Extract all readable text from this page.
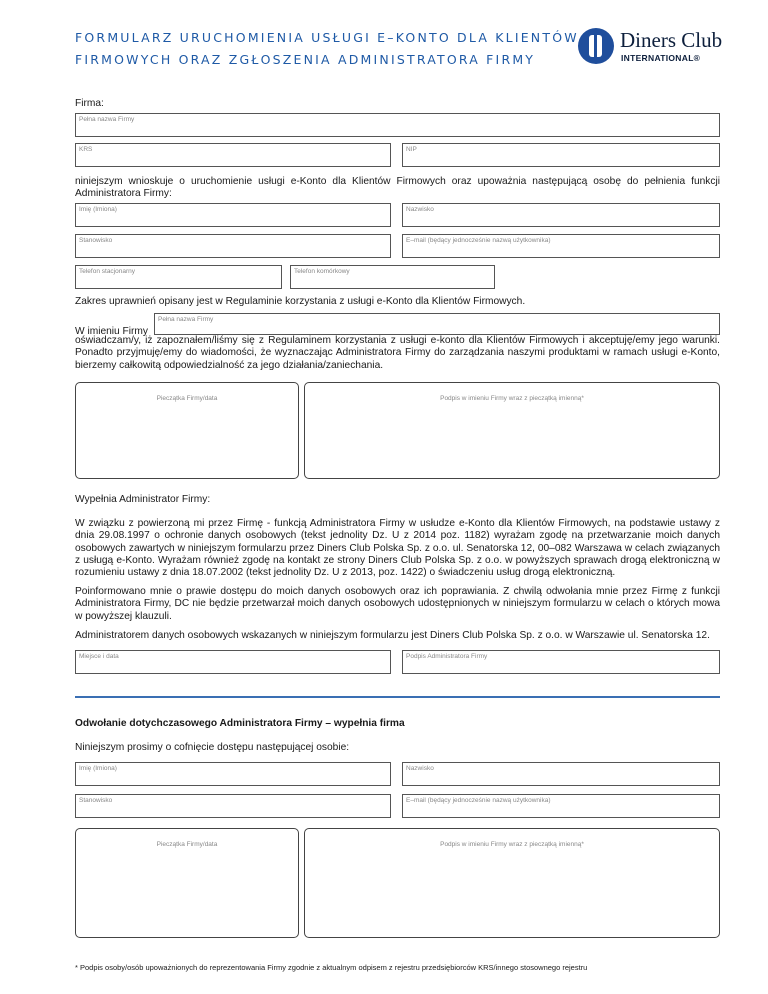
FORMULARZ URUCHOMIENIA USŁUGI E–KONTO DLA KLIENTÓW
FIRMOWYCH ORAZ ZGŁOSZENIA ADMINISTRATORA FIRMY
Diners Club
INTERNATIONAL®
Firma:
Pełna nazwa Firmy
KRS	NIP
niniejszym wnioskuje o uruchomienie usługi e-Konto dla Klientów Firmowych oraz upoważnia następującą osobę do pełnienia funkcji Administratora Firmy:
Imię (Imiona)	Nazwisko
Stanowisko	E–mail (będący jednocześnie nazwą użytkownika)
Telefon stacjonarny	Telefon komórkowy
Zakres uprawnień opisany jest w Regulaminie korzystania z usługi e-Konto dla Klientów Firmowych.
W imieniu Firmy
Pełna nazwa Firmy
oświadczam/y, iż zapoznałem/liśmy się z Regulaminem korzystania z usługi e-konto dla Klientów Firmowych i akceptuję/emy jego warunki. Ponadto przyjmuję/emy do wiadomości, że wyznaczając Administratora Firmy do zarządzania naszymi produktami w ramach usługi e-Konto, bierzemy całkowitą odpowiedzialność za jego działania/zaniechania.
Pieczątka Firmy/data	Podpis w imieniu Firmy wraz z pieczątką imienną*
Wypełnia Administrator Firmy:
W związku z powierzoną mi przez Firmę - funkcją Administratora Firmy w usłudze e-Konto dla Klientów Firmowych, na podstawie ustawy z dnia 29.08.1997 o ochronie danych osobowych (tekst jednolity Dz. U z 2014 poz. 1182) wyrażam zgodę na przetwarzanie moich danych osobowych zawartych w niniejszym formularzu przez Diners Club Polska Sp. z o.o. ul. Senatorska 12, 00–082 Warszawa w celach związanych z usługą e-Konto. Wyrażam również zgodę na kontakt ze strony Diners Club Polska Sp. z o.o. w powyższych sprawach drogą elektroniczną w rozumieniu ustawy z dnia 18.07.2002 (tekst jednolity Dz. U z 2013, poz. 1422) o świadczeniu usług drogą elektroniczną.
Poinformowano mnie o prawie dostępu do moich danych osobowych oraz ich poprawiania. Z chwilą odwołania mnie przez Firmę z funkcji Administratora Firmy, DC nie będzie przetwarzał moich danych osobowych udostępnionych w niniejszym formularzu w celach o których mowa w powyższej klauzuli.
Administratorem danych osobowych wskazanych w niniejszym formularzu jest Diners Club Polska Sp. z o.o. w Warszawie ul. Senatorska 12.
Miejsce i data	Podpis Administratora Firmy
Odwołanie dotychczasowego Administratora Firmy – wypełnia firma
Niniejszym prosimy o cofnięcie dostępu następującej osobie:
Imię (Imiona)	Nazwisko
Stanowisko	E–mail (będący jednocześnie nazwą użytkownika)
Pieczątka Firmy/data	Podpis w imieniu Firmy wraz z pieczątką imienną*
* Podpis osoby/osób upoważnionych do reprezentowania Firmy zgodnie z aktualnym odpisem z rejestru przedsiębiorców KRS/innego stosownego rejestru
